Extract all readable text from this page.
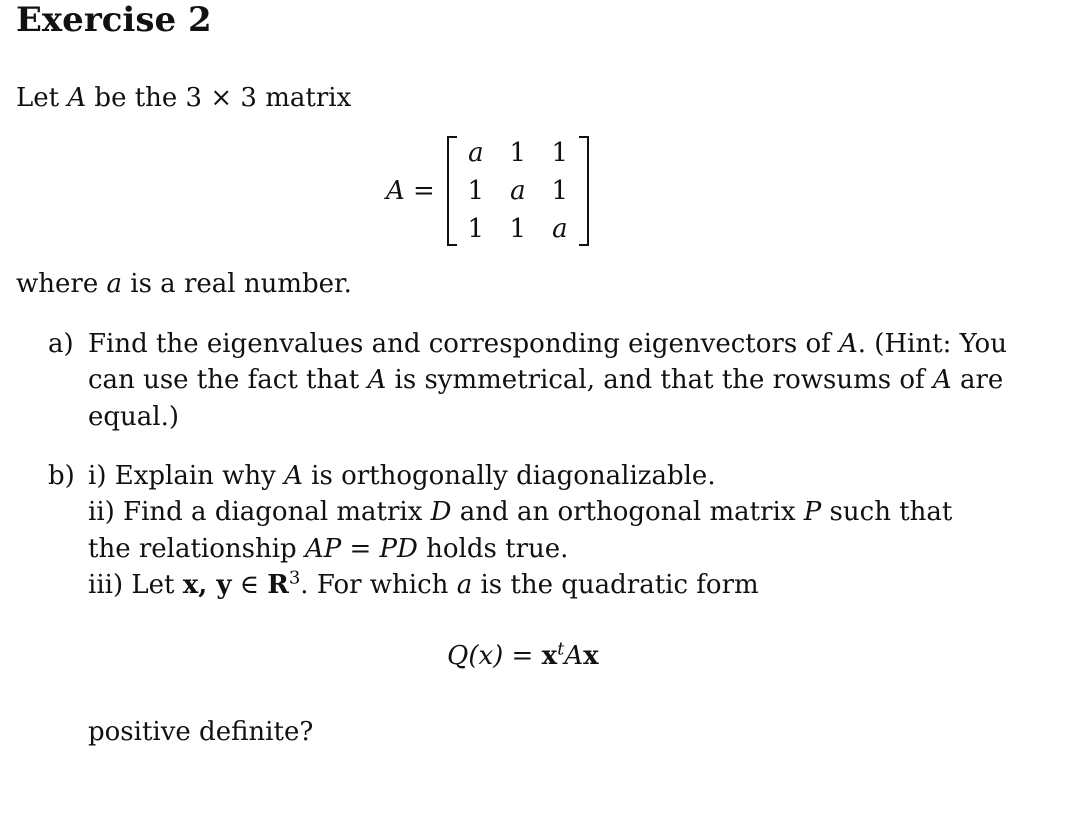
Exercise 2
Let A be the 3 × 3 matrix
A =
a 1 1
1 a 1
1 1 a
where a is a real number.
a) Find the eigenvalues and corresponding eigenvectors of A. (Hint: You
can use the fact that A is symmetrical, and that the rowsums of A are
equal.)
b) i) Explain why A is orthogonally diagonalizable.
ii) Find a diagonal matrix D and an orthogonal matrix P such that
the relationship AP = PD holds true.
iii) Let x, y ∈ $R^3$. For which a is the quadratic form
$Q(x) = x^tAx$
positive definite?
